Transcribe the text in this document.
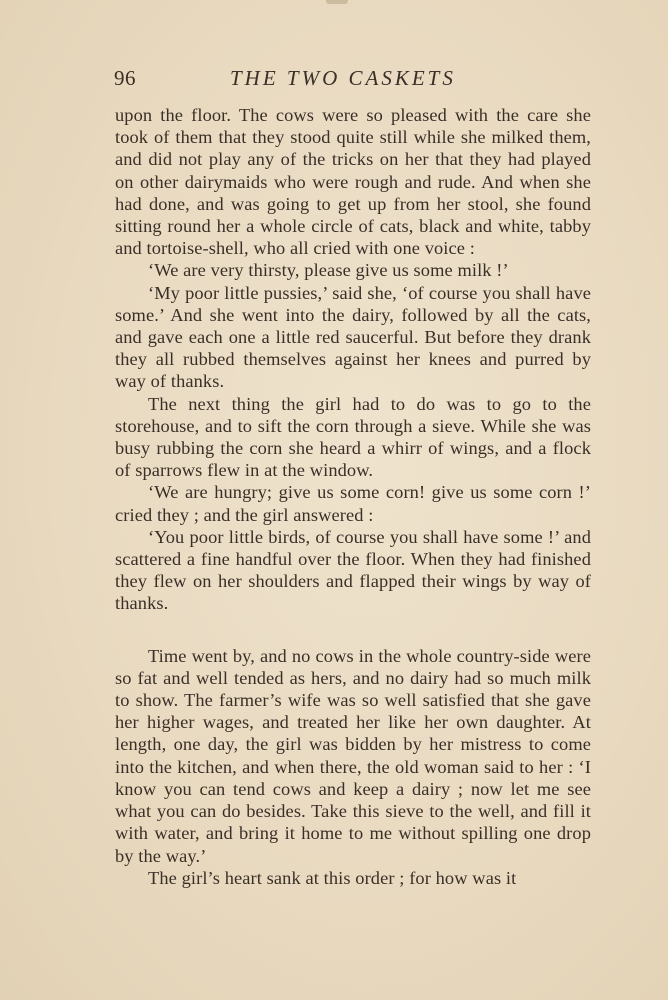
96	THE TWO CASKETS

upon the floor. The cows were so pleased with the care she took of them that they stood quite still while she milked them, and did not play any of the tricks on her that they had played on other dairymaids who were rough and rude. And when she had done, and was going to get up from her stool, she found sitting round her a whole circle of cats, black and white, tabby and tortoise-shell, who all cried with one voice :

‘We are very thirsty, please give us some milk !’

‘My poor little pussies,’ said she, ‘of course you shall have some.’ And she went into the dairy, followed by all the cats, and gave each one a little red saucerful. But before they drank they all rubbed themselves against her knees and purred by way of thanks.

The next thing the girl had to do was to go to the storehouse, and to sift the corn through a sieve. While she was busy rubbing the corn she heard a whirr of wings, and a flock of sparrows flew in at the window.

‘We are hungry; give us some corn! give us some corn !’ cried they ; and the girl answered :

‘You poor little birds, of course you shall have some !’ and scattered a fine handful over the floor. When they had finished they flew on her shoulders and flapped their wings by way of thanks.

Time went by, and no cows in the whole country-side were so fat and well tended as hers, and no dairy had so much milk to show. The farmer’s wife was so well satisfied that she gave her higher wages, and treated her like her own daughter. At length, one day, the girl was bidden by her mistress to come into the kitchen, and when there, the old woman said to her : ‘I know you can tend cows and keep a dairy ; now let me see what you can do besides. Take this sieve to the well, and fill it with water, and bring it home to me without spilling one drop by the way.’

The girl’s heart sank at this order ; for how was it
